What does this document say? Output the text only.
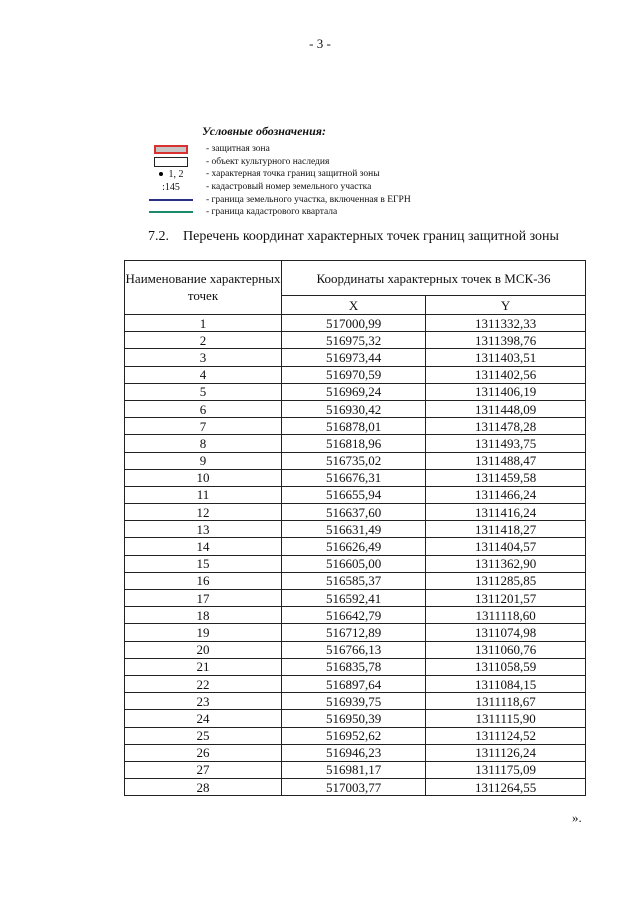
- 3 -
Условные обозначения:
- защитная зона
- объект культурного наследия
1, 2 - характерная точка границ защитной зоны
:145	- кадастровый номер земельного участка
- граница земельного участка, включенная в ЕГРН
- граница кадастрового квартала
7.2. Перечень координат характерных точек границ защитной зоны
Наименование характерных точек	Координаты характерных точек в МСК-36	
	X	Y
1	517000,99	1311332,33
2	516975,32	1311398,76
3	516973,44	1311403,51
4	516970,59	1311402,56
5	516969,24	1311406,19
6	516930,42	1311448,09
7	516878,01	1311478,28
8	516818,96	1311493,75
9	516735,02	1311488,47
10	516676,31	1311459,58
11	516655,94	1311466,24
12	516637,60	1311416,24
13	516631,49	1311418,27
14	516626,49	1311404,57
15	516605,00	1311362,90
16	516585,37	1311285,85
17	516592,41	1311201,57
18	516642,79	1311118,60
19	516712,89	1311074,98
20	516766,13	1311060,76
21	516835,78	1311058,59
22	516897,64	1311084,15
23	516939,75	1311118,67
24	516950,39	1311115,90
25	516952,62	1311124,52
26	516946,23	1311126,24
27	516981,17	1311175,09
28	517003,77	1311264,55
».
